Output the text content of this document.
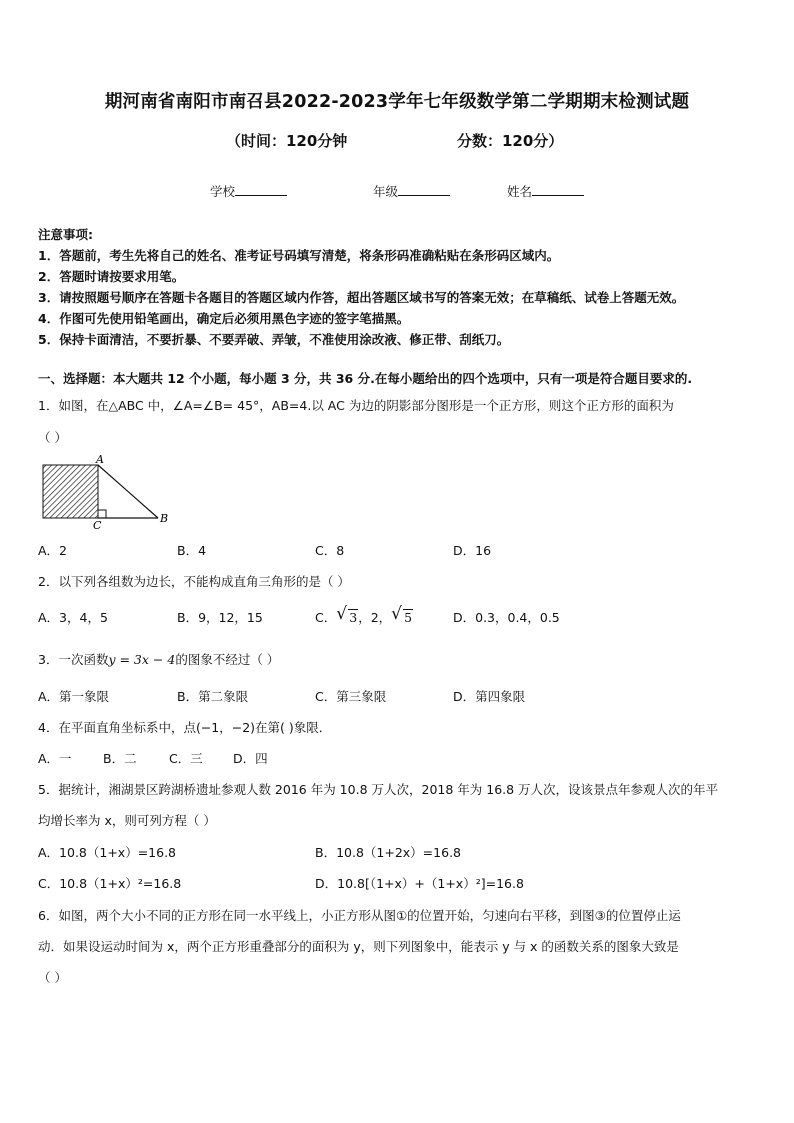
期河南省南阳市南召县2022-2023学年七年级数学第二学期期末检测试题
（时间：120分钟	分数：120分）
学校	年级	姓名
注意事项:
1．答题前，考生先将自己的姓名、准考证号码填写清楚，将条形码准确粘贴在条形码区域内。
2．答题时请按要求用笔。
3．请按照题号顺序在答题卡各题目的答题区域内作答，超出答题区域书写的答案无效；在草稿纸、试卷上答题无效。
4．作图可先使用铅笔画出，确定后必须用黑色字迹的签字笔描黑。
5．保持卡面清洁，不要折暴、不要弄破、弄皱，不准使用涂改液、修正带、刮纸刀。
一、选择题：本大题共 12 个小题，每小题 3 分，共 36 分.在每小题给出的四个选项中，只有一项是符合题目要求的.
1．如图，在△ABC 中，∠A=∠B= 45°，AB=4.以 AC 为边的阴影部分图形是一个正方形，则这个正方形的面积为
（ ）
A
B
C
A．2	B．4	C．8	D．16
2．以下列各组数为边长，不能构成直角三角形的是（ ）
A．3，4，5	B．9，12，15	C． √ 3，2， √ 5	D．0.3，0.4，0.5
3．一次函数y = 3x − 4的图象不经过（ ）
A．第一象限	B．第二象限	C．第三象限	D．第四象限
4．在平面直角坐标系中，点(−1，−2)在第( )象限．
A．一	B．二	C．三 D．四
5．据统计，湘湖景区跨湖桥遗址参观人数 2016 年为 10.8 万人次，2018 年为 16.8 万人次，设该景点年参观人次的年平
均增长率为 x，则可列方程（ ）
A．10.8（1+x）=16.8	B．10.8（1+2x）=16.8
C．10.8（1+x）²=16.8	D．10.8[（1+x）+（1+x）²]=16.8
6．如图，两个大小不同的正方形在同一水平线上，小正方形从图①的位置开始，匀速向右平移，到图③的位置停止运
动．如果设运动时间为 x，两个正方形重叠部分的面积为 y，则下列图象中，能表示 y 与 x 的函数关系的图象大致是
（ ）
